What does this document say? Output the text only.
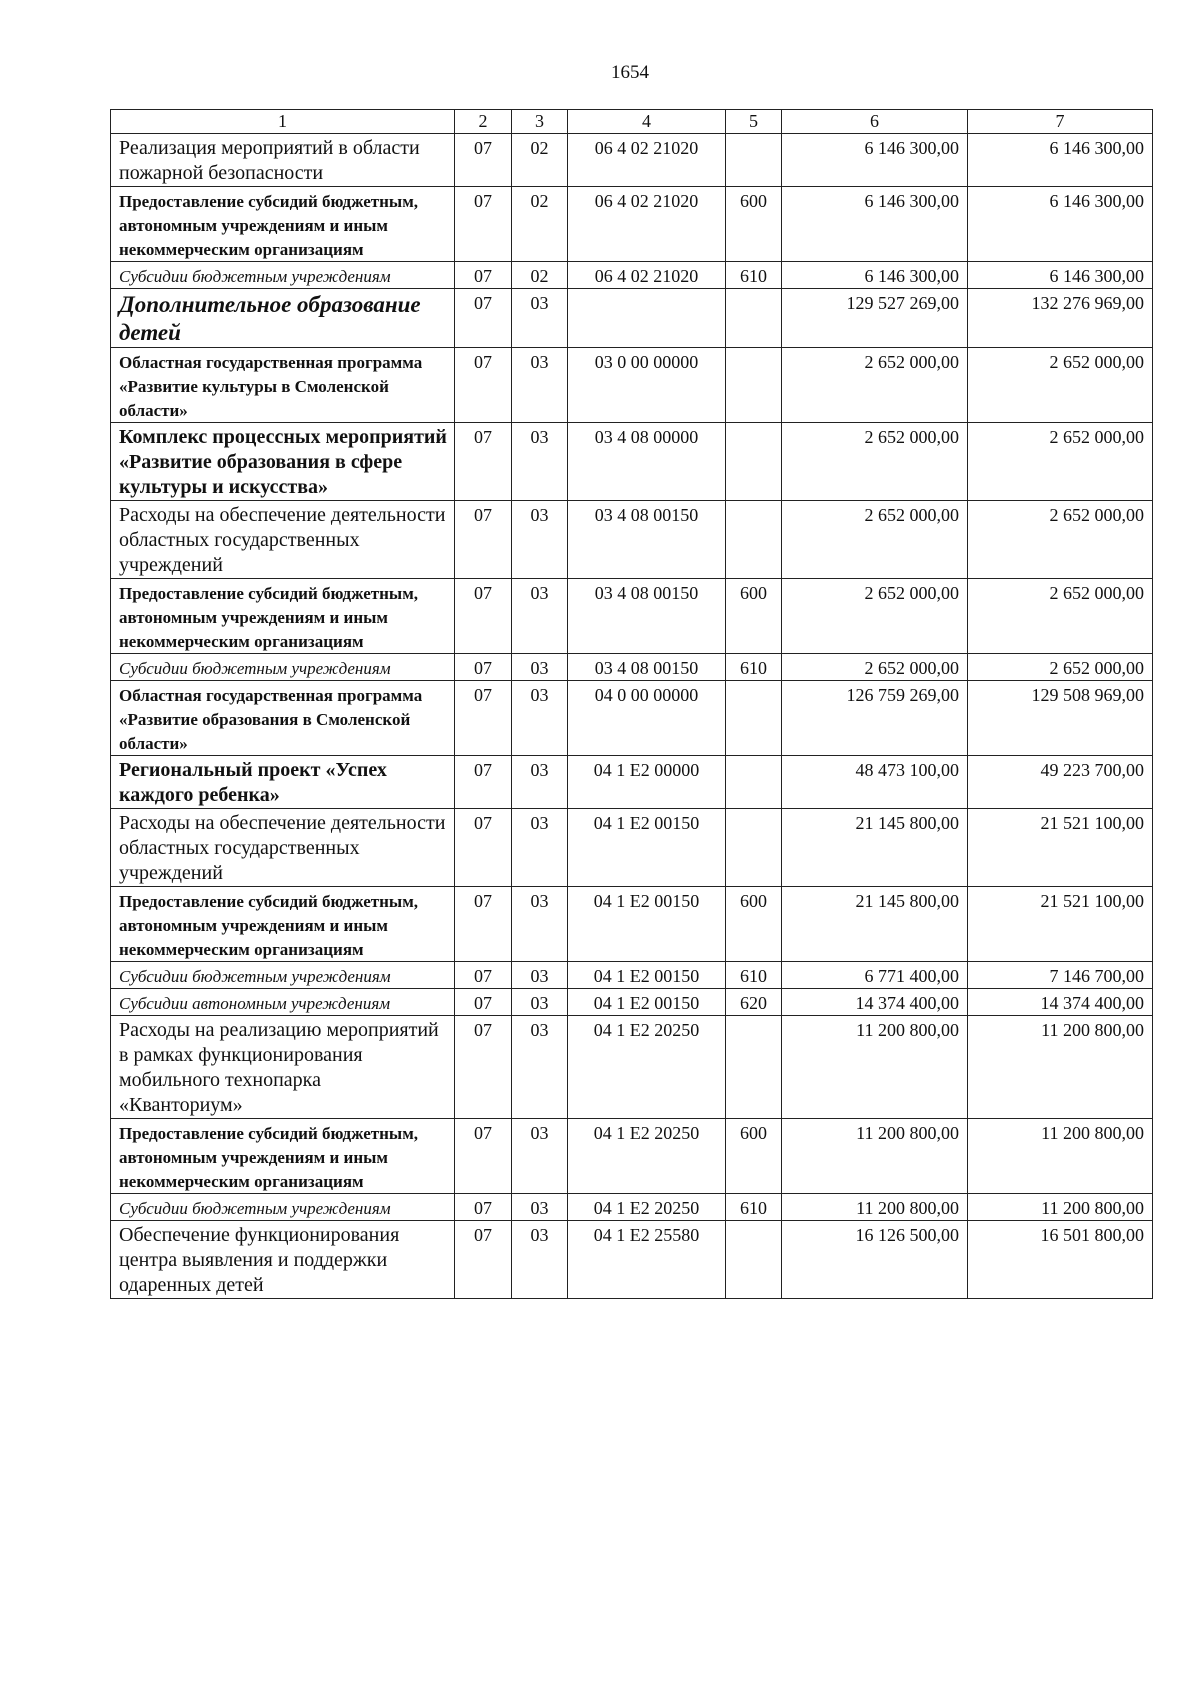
1654
1	2	3	4	5	6	7
Реализация мероприятий в области пожарной безопасности	07	02	06 4 02 21020		6 146 300,00	6 146 300,00
Предоставление субсидий бюджетным, автономным учреждениям и иным некоммерческим организациям	07	02	06 4 02 21020	600	6 146 300,00	6 146 300,00
Субсидии бюджетным учреждениям	07	02	06 4 02 21020	610	6 146 300,00	6 146 300,00
Дополнительное образование детей	07	03			129 527 269,00	132 276 969,00
Областная государственная программа «Развитие культуры в Смоленской области»	07	03	03 0 00 00000		2 652 000,00	2 652 000,00
Комплекс процессных мероприятий «Развитие образования в сфере культуры и искусства»	07	03	03 4 08 00000		2 652 000,00	2 652 000,00
Расходы на обеспечение деятельности областных государственных учреждений	07	03	03 4 08 00150		2 652 000,00	2 652 000,00
Предоставление субсидий бюджетным, автономным учреждениям и иным некоммерческим организациям	07	03	03 4 08 00150	600	2 652 000,00	2 652 000,00
Субсидии бюджетным учреждениям	07	03	03 4 08 00150	610	2 652 000,00	2 652 000,00
Областная государственная программа «Развитие образования в Смоленской области»	07	03	04 0 00 00000		126 759 269,00	129 508 969,00
Региональный проект «Успех каждого ребенка»	07	03	04 1 E2 00000		48 473 100,00	49 223 700,00
Расходы на обеспечение деятельности областных государственных учреждений	07	03	04 1 E2 00150		21 145 800,00	21 521 100,00
Предоставление субсидий бюджетным, автономным учреждениям и иным некоммерческим организациям	07	03	04 1 E2 00150	600	21 145 800,00	21 521 100,00
Субсидии бюджетным учреждениям	07	03	04 1 E2 00150	610	6 771 400,00	7 146 700,00
Субсидии автономным учреждениям	07	03	04 1 E2 00150	620	14 374 400,00	14 374 400,00
Расходы на реализацию мероприятий в рамках функционирования мобильного технопарка «Кванториум»	07	03	04 1 E2 20250		11 200 800,00	11 200 800,00
Предоставление субсидий бюджетным, автономным учреждениям и иным некоммерческим организациям	07	03	04 1 E2 20250	600	11 200 800,00	11 200 800,00
Субсидии бюджетным учреждениям	07	03	04 1 E2 20250	610	11 200 800,00	11 200 800,00
Обеспечение функционирования центра выявления и поддержки одаренных детей	07	03	04 1 E2 25580		16 126 500,00	16 501 800,00
